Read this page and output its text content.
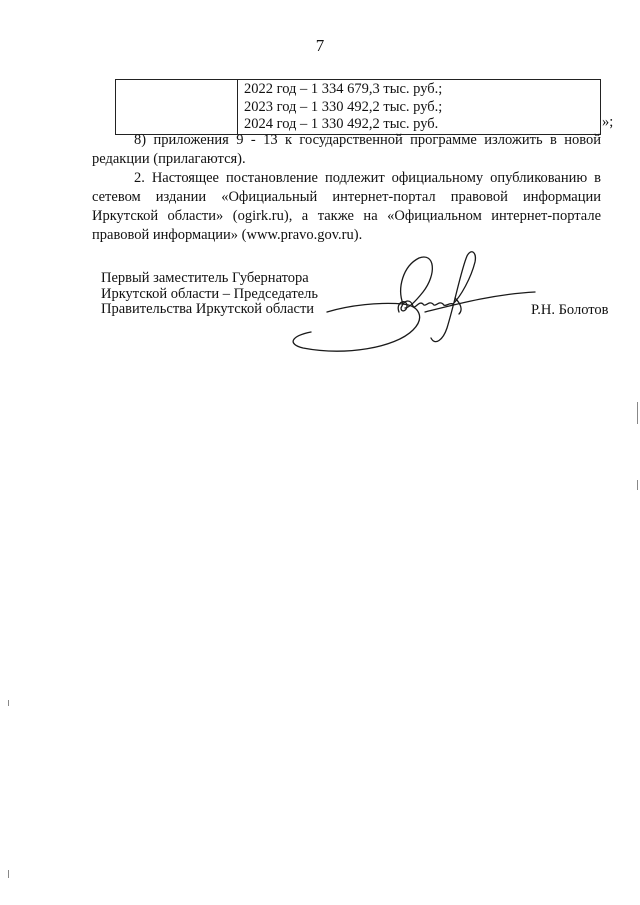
7

2022 год – 1 334 679,3 тыс. руб.;
2023 год – 1 330 492,2 тыс. руб.;
2024 год – 1 330 492,2 тыс. руб.	»;

8) приложения 9 - 13 к государственной программе изложить в новой редакции (прилагаются).

2. Настоящее постановление подлежит официальному опубликованию в сетевом издании «Официальный интернет-портал правовой информации Иркутской области» (ogirk.ru), а также на «Официальном интернет-портале правовой информации» (www.pravo.gov.ru).

Первый заместитель Губернатора
Иркутской области – Председатель
Правительства Иркутской области	Р.Н. Болотов
